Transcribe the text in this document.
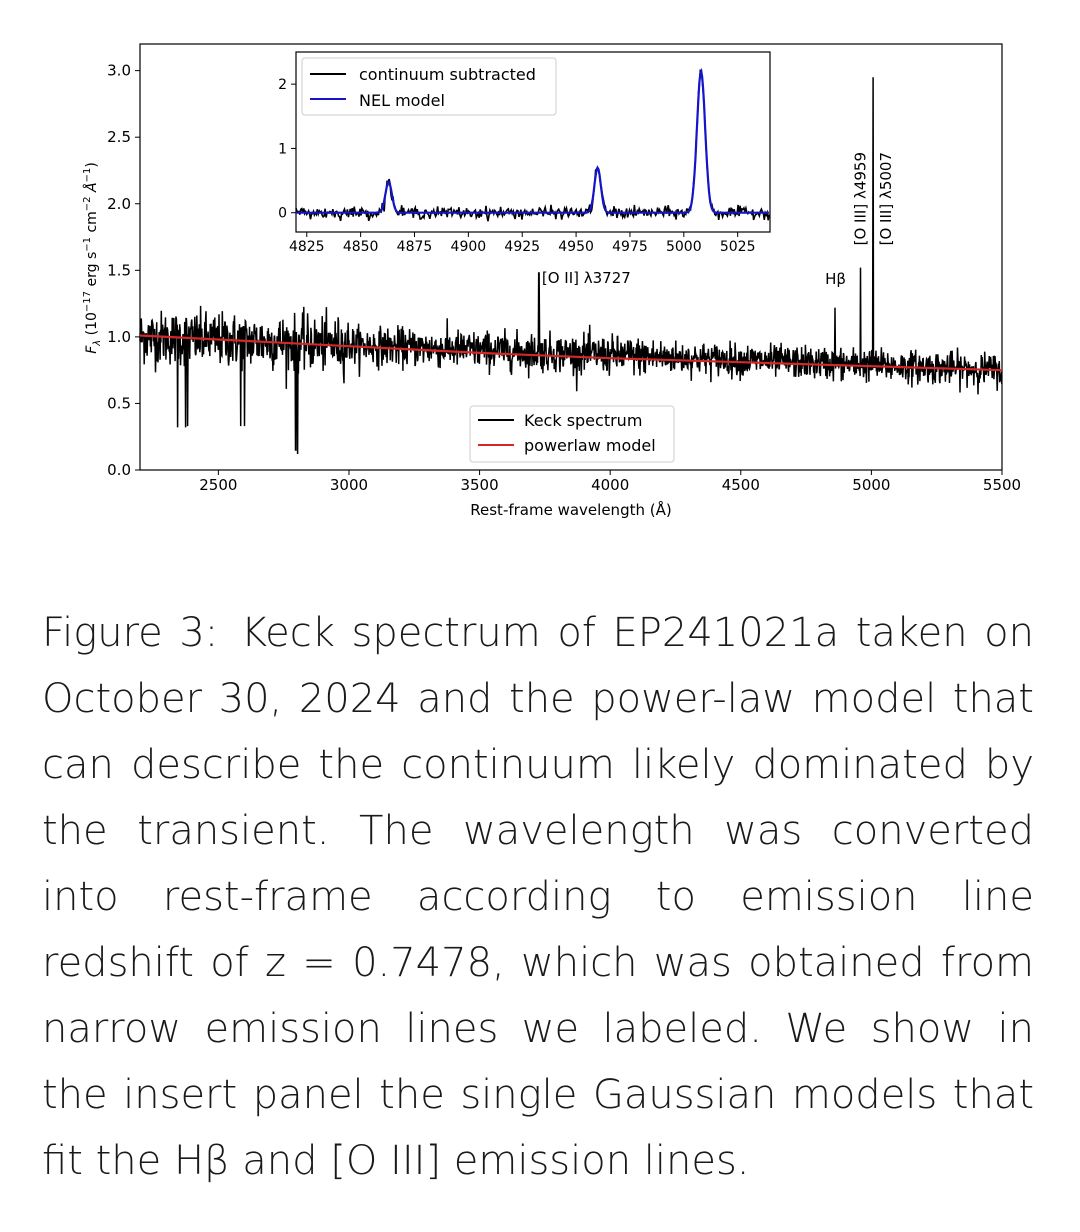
2500	3000	3500	4000	4500	5000	5500
0.0
0.5
1.0
1.5
2.0
2.5
3.0
[O II] λ3727	Hβ
[O III] λ4959 [O III] λ5007
Rest-frame wavelength (Å)
$F_\lambda$ ($10^{-17}$ erg $s^{-1}$ $cm^{-2}$ $Å^{-1}$)
Keck spectrum
powerlaw model
4825 4850 4875 4900 4925 4950 4975 5000 5025
0
1
2
continuum subtracted
NEL model
Figure 3: Keck spectrum of EP241021a taken on October 30, 2024 and the power-law model that can describe the continuum likely dominated by the transient. The wavelength was converted into rest-frame according to emission line redshift of z = 0.7478, which was obtained from narrow emission lines we labeled. We show in the insert panel the single Gaussian models that fit the Hβ and [O III] emission lines.
